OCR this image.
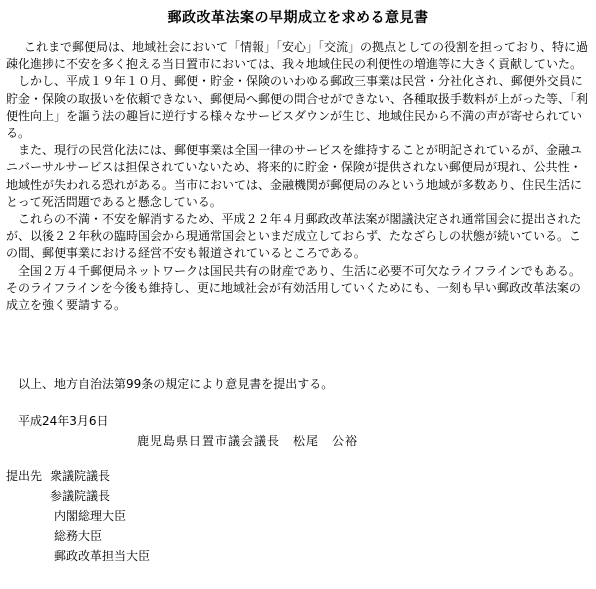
郵政改革法案の早期成立を求める意見書

これまで郵便局は、地域社会において「情報」「安心」「交流」の拠点としての役割を担っており、特に過疎化進捗に不安を多く抱える当日置市においては、我々地域住民の利便性の増進等に大きく貢献していた。

しかし、平成１９年１０月、郵便・貯金・保険のいわゆる郵政三事業は民営・分社化され、郵便外交員に貯金・保険の取扱いを依頼できない、郵便局へ郵便の問合せができない、各種取扱手数料が上がった等、「利便性向上」を謳う法の趣旨に逆行する様々なサービスダウンが生じ、地域住民から不満の声が寄せられている。

また、現行の民営化法には、郵便事業は全国一律のサービスを維持することが明記されているが、金融ユニバーサルサービスは担保されていないため、将来的に貯金・保険が提供されない郵便局が現れ、公共性・地域性が失われる恐れがある。当市においては、金融機関が郵便局のみという地域が多数あり、住民生活にとって死活問題であると懸念している。

これらの不満・不安を解消するため、平成２２年４月郵政改革法案が閣議決定され通常国会に提出されたが、以後２２年秋の臨時国会から現通常国会といまだ成立しておらず、たなざらしの状態が続いている。この間、郵便事業における経営不安も報道されているところである。

全国２万４千郵便局ネットワークは国民共有の財産であり、生活に必要不可欠なライフラインでもある。そのライフラインを今後も維持し、更に地域社会が有効活用していくためにも、一刻も早い郵政改革法案の成立を強く要請する。

以上、地方自治法第99条の規定により意見書を提出する。
平成24年3月6日
鹿児島県日置市議会議長　松尾　公裕
提出先 衆議院議長
参議院議長
内閣総理大臣
総務大臣
郵政改革担当大臣
